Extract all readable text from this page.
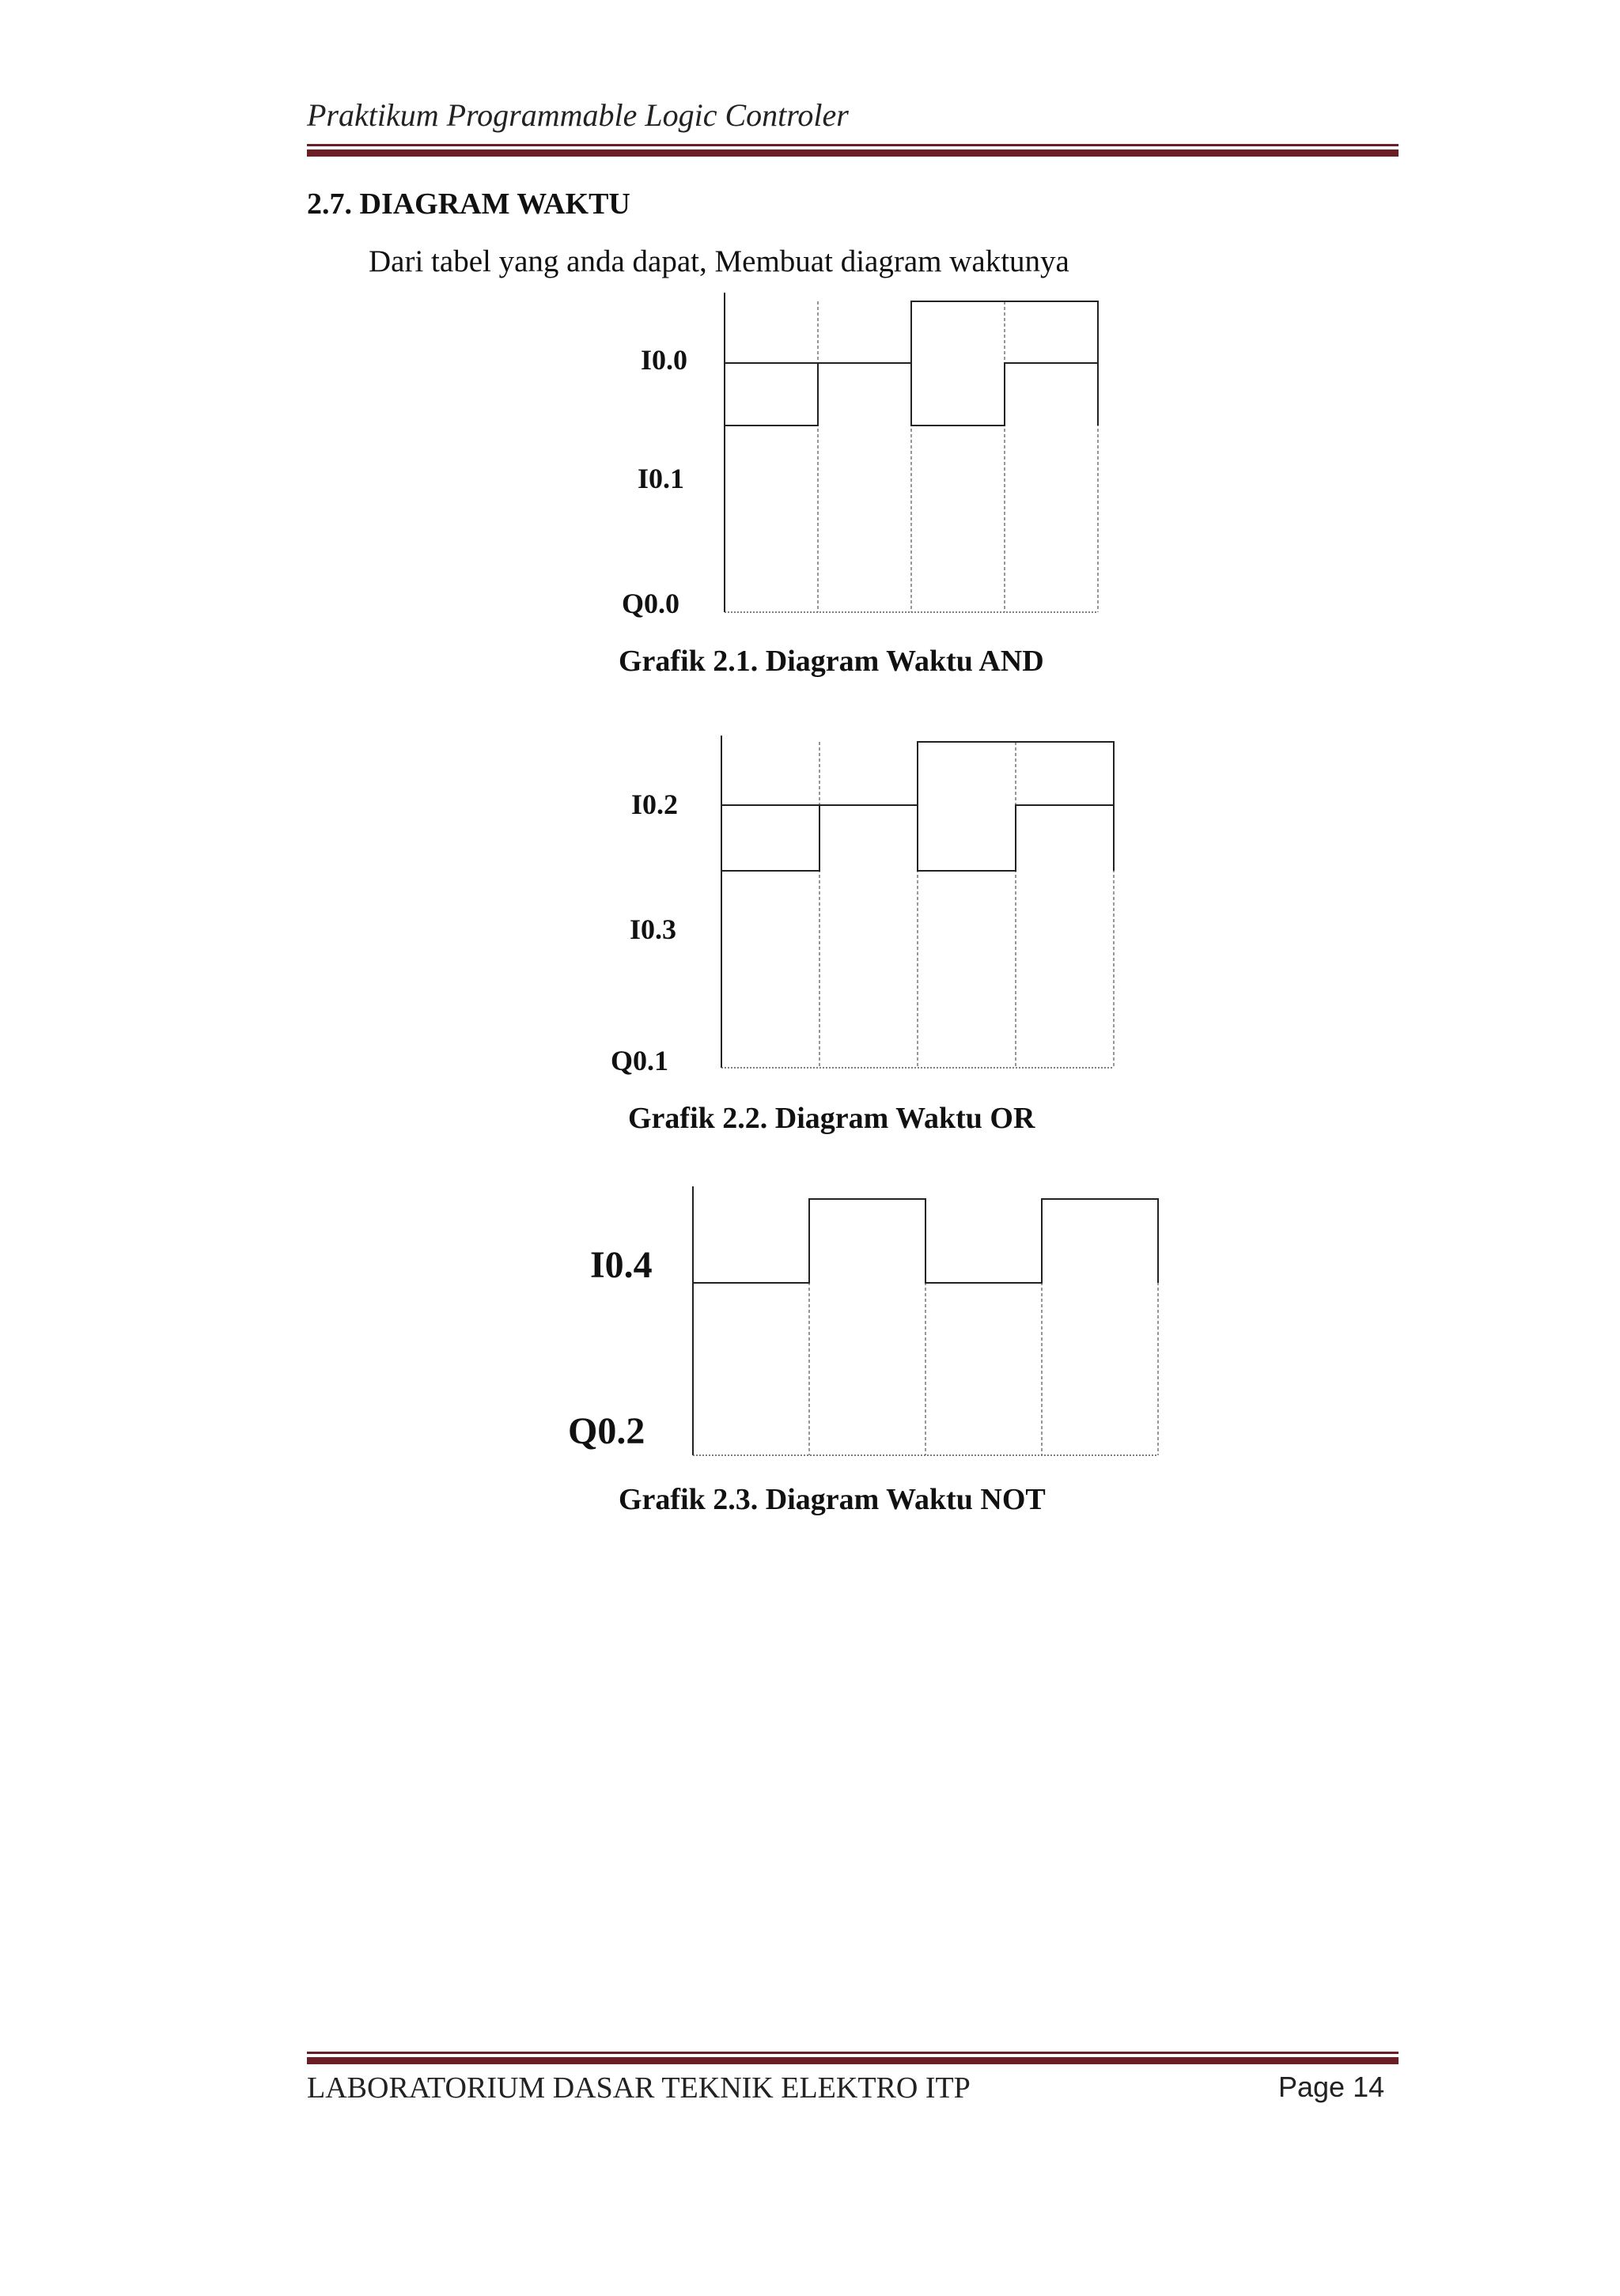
Praktikum Programmable Logic Controler
2.7. DIAGRAM WAKTU
Dari tabel yang anda dapat, Membuat diagram waktunya
I0.0
I0.1
Q0.0
Grafik 2.1. Diagram Waktu AND
I0.2
I0.3
Q0.1
Grafik 2.2. Diagram Waktu OR
I0.4
Q0.2
Grafik 2.3. Diagram Waktu NOT
LABORATORIUM DASAR TEKNIK ELEKTRO ITP	Page 14
